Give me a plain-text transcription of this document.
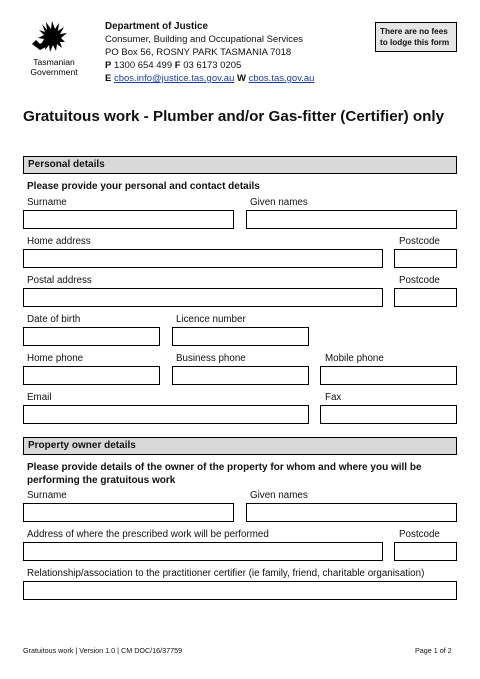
Tasmanian
Government
Department of Justice
Consumer, Building and Occupational Services
PO Box 56, ROSNY PARK TASMANIA 7018
P 1300 654 499 F 03 6173 0205
E cbos.info@justice.tas.gov.au W cbos.tas.gov.au
There are no fees to lodge this form
Gratuitous work - Plumber and/or Gas-fitter (Certifier) only
Personal details
Please provide your personal and contact details
Surname	Given names
Home address	Postcode
Postal address	Postcode
Date of birth	Licence number
Home phone	Business phone	Mobile phone
Email	Fax
Property owner details
Please provide details of the owner of the property for whom and where you will be
performing the gratuitous work
Surname	Given names
Address of where the prescribed work will be performed	Postcode
Relationship/association to the practitioner certifier (ie family, friend, charitable organisation)
Gratuitous work | Version 1.0 | CM DOC/16/37759	Page 1 of 2
